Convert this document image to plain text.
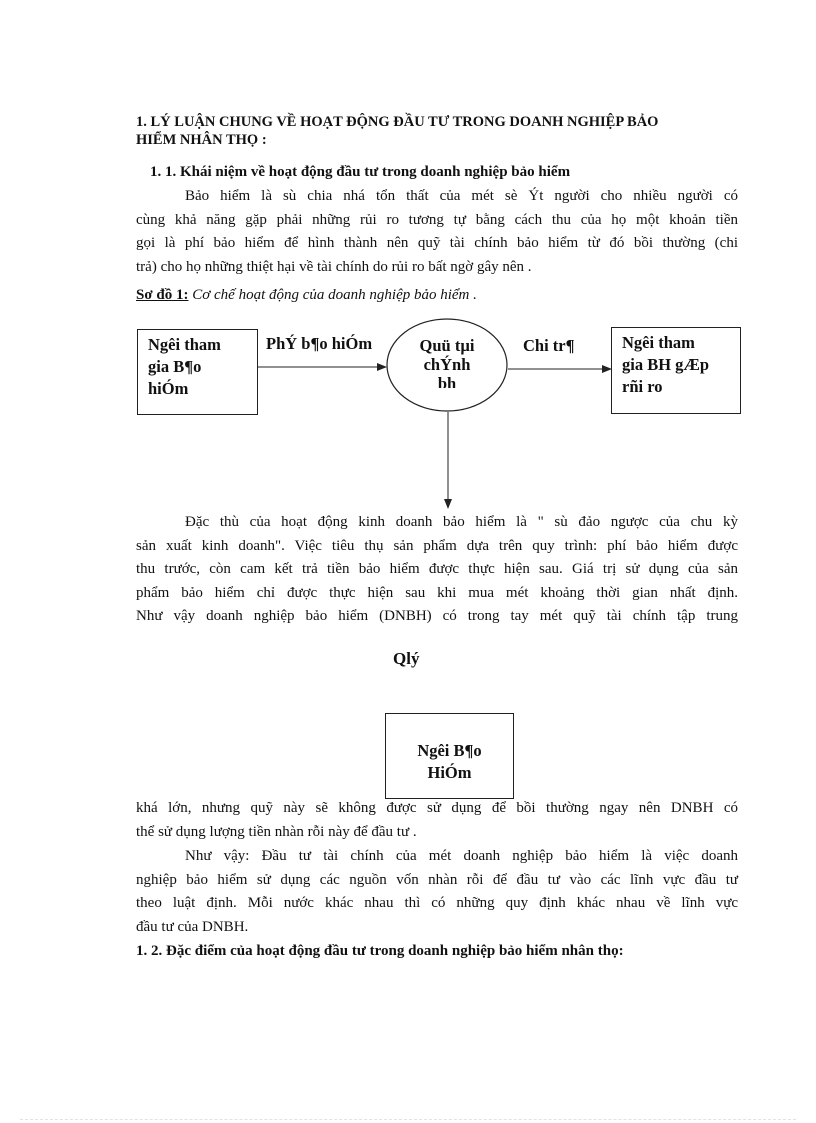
1. LÝ LUẬN CHUNG VỀ HOẠT ĐỘNG ĐẦU TƯ TRONG DOANH NGHIỆP BẢO
HIỂM NHÂN THỌ :
1. 1. Khái niệm về hoạt động đầu tư trong doanh nghiệp bảo hiểm
Bảo hiểm là sù chia nhá tổn thất của mét sè Ýt người cho nhiều người có
cùng khả năng gặp phải những rủi ro tương tự bằng cách thu của họ một khoản tiền
gọi là phí bảo hiểm để hình thành nên quỹ tài chính bảo hiểm từ đó bồi thường (chi
trả) cho họ những thiệt hại về tài chính do rủi ro bất ngờ gây nên .
Sơ đồ 1: Cơ chế hoạt động của doanh nghiệp bảo hiểm .
Ngêi tham
gia B¶o
hiÓm
PhÝ b¶o hiÓm	Quü tµi
chÝnh
bh
Chi tr¶	Ngêi tham
gia BH gÆp
rñi ro
Đặc thù của hoạt động kinh doanh bảo hiểm là " sù đảo ngược của chu kỳ
sản xuất kinh doanh". Việc tiêu thụ sản phẩm dựa trên quy trình: phí bảo hiểm được
thu trước, còn cam kết trả tiền bảo hiểm được thực hiện sau. Giá trị sử dụng của sản
phẩm bảo hiểm chỉ được thực hiện sau khi mua mét khoảng thời gian nhất định.
Như vậy doanh nghiệp bảo hiểm (DNBH) có trong tay mét quỹ tài chính tập trung
Qlý
Ngêi B¶o
HiÓm
khá lớn, nhưng quỹ này sẽ không được sử dụng để bồi thường ngay nên DNBH có
thể sử dụng lượng tiền nhàn rỗi này để đầu tư .
Như vậy: Đầu tư tài chính của mét doanh nghiệp bảo hiểm là việc doanh
nghiệp bảo hiểm sử dụng các nguồn vốn nhàn rỗi để đầu tư vào các lĩnh vực đầu tư
theo luật định. Mỗi nước khác nhau thì có những quy định khác nhau về lĩnh vực
đầu tư của DNBH.
1. 2. Đặc điểm của hoạt động đầu tư trong doanh nghiệp bảo hiểm nhân thọ:
